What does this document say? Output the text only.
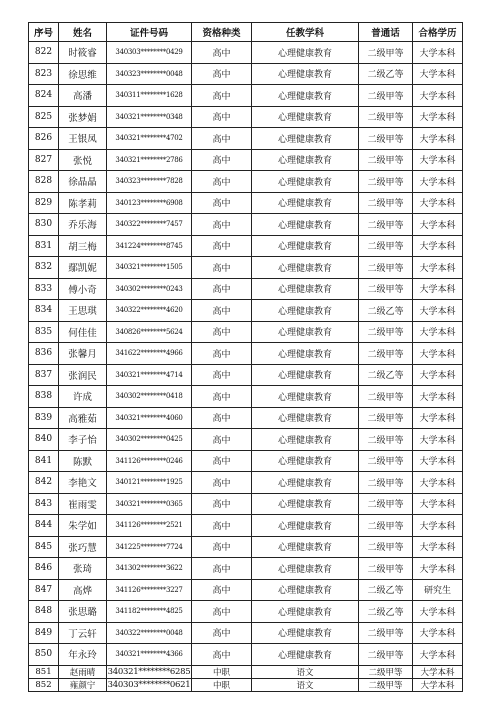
序号	姓名	证件号码	资格种类	任教学科	普通话	合格学历
822	时筱睿	340303********0429	高中	心理健康教育	二级甲等	大学本科
823	徐思维	340323********0048	高中	心理健康教育	二级乙等	大学本科
824	高潘	340311********1628	高中	心理健康教育	二级甲等	大学本科
825	张梦娟	340321********0348	高中	心理健康教育	二级甲等	大学本科
826	王银凤	340321********4702	高中	心理健康教育	二级甲等	大学本科
827	张悦	340321********2786	高中	心理健康教育	二级甲等	大学本科
828	徐晶晶	340323********7828	高中	心理健康教育	二级甲等	大学本科
829	陈孝莉	340123********6908	高中	心理健康教育	二级甲等	大学本科
830	乔乐海	340322********7457	高中	心理健康教育	二级甲等	大学本科
831	胡三梅	341224********8745	高中	心理健康教育	二级甲等	大学本科
832	鄢凯妮	340321********1505	高中	心理健康教育	二级甲等	大学本科
833	傅小奇	340302********0243	高中	心理健康教育	二级甲等	大学本科
834	王思琪	340322********4620	高中	心理健康教育	二级乙等	大学本科
835	何佳佳	340826********5624	高中	心理健康教育	二级甲等	大学本科
836	张馨月	341622********4966	高中	心理健康教育	二级甲等	大学本科
837	张润民	340321********4714	高中	心理健康教育	二级乙等	大学本科
838	许成	340302********0418	高中	心理健康教育	二级甲等	大学本科
839	高雅茹	340321********4060	高中	心理健康教育	二级甲等	大学本科
840	李子怡	340302********0425	高中	心理健康教育	二级甲等	大学本科
841	陈默	341126********0246	高中	心理健康教育	二级甲等	大学本科
842	李艳文	340121********1925	高中	心理健康教育	二级甲等	大学本科
843	崔雨雯	340321********0365	高中	心理健康教育	二级甲等	大学本科
844	朱学如	341126********2521	高中	心理健康教育	二级甲等	大学本科
845	张巧慧	341225********7724	高中	心理健康教育	二级甲等	大学本科
846	张琦	341302********3622	高中	心理健康教育	二级甲等	大学本科
847	高烨	341126********3227	高中	心理健康教育	二级乙等	研究生
848	张思璐	341182********4825	高中	心理健康教育	二级乙等	大学本科
849	丁云轩	340322********0048	高中	心理健康教育	二级甲等	大学本科
850	年永玲	340321********4366	高中	心理健康教育	二级甲等	大学本科
851	赵雨晴	340321********6285	中职	语文	二级甲等	大学本科
852	雍颜宁	340303********0621	中职	语文	二级甲等	大学本科
